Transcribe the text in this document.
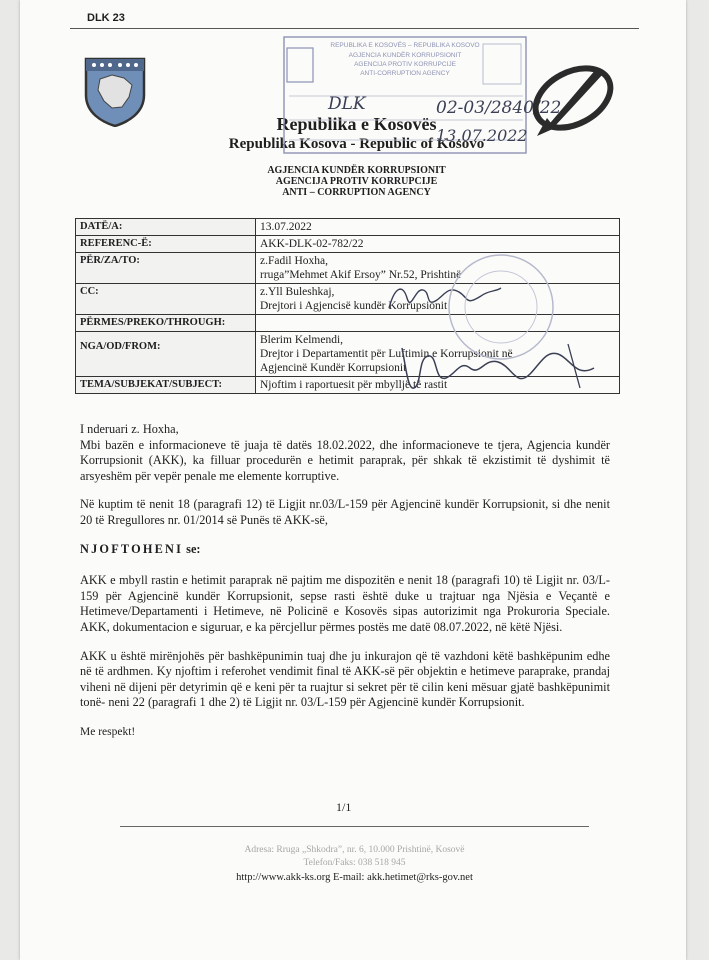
DLK 23
Republika e Kosovës
Republika Kosova - Republic of Kosovo
AGJENCIA KUNDËR KORRUPSIONIT
AGENCIJA PROTIV KORRUPCIJE
ANTI – CORRUPTION AGENCY
REPUBLIKA E KOSOVËS – REPUBLIKA KOSOVO
AGJENCIA KUNDËR KORRUPSIONIT
AGENCIJA PROTIV KORRUPCIJE
ANTI-CORRUPTION AGENCY
DLK	02-03/2840/22
13.07.2022
DATË/A:	13.07.2022
REFERENC-Ë:	AKK-DLK-02-782/22
PËR/ZA/TO:	z.Fadil Hoxha,
rruga”Mehmet Akif Ersoy” Nr.52, Prishtinë

CC:	z.Yll Buleshkaj,
Drejtori i Agjencisë kundër Korrupsionit

PËRMES/PREKO/THROUGH:	
NGA/OD/FROM:	Blerim Kelmendi,
Drejtor i Departamentit për Luftimin e Korrupsionit në
Agjencinë Kundër Korrupsionit

TEMA/SUBJEKAT/SUBJECT:	Njoftim i raportuesit për mbylljë të rastit
I nderuari z. Hoxha,
Mbi bazën e informacioneve të juaja të datës 18.02.2022, dhe informacioneve te tjera, Agjencia kundër Korrupsionit (AKK), ka filluar procedurën e hetimit paraprak, për shkak të ekzistimit të dyshimit të arsyeshëm për vepër penale me elemente korruptive.
Në kuptim të nenit 18 (paragrafi 12) të Ligjit nr.03/L-159 për Agjencinë kundër Korrupsionit, si dhe nenit 20 të Rregullores nr. 01/2014 së Punës të AKK-së,
NJOFTOHENI se:
AKK e mbyll rastin e hetimit paraprak në pajtim me dispozitën e nenit 18 (paragrafi 10) të Ligjit nr. 03/L-159 për Agjencinë kundër Korrupsionit, sepse rasti është duke u trajtuar nga Njësia e Veçantë e Hetimeve/Departamenti i Hetimeve, në Policinë e Kosovës sipas autorizimit nga Prokuroria Speciale. AKK, dokumentacion e siguruar, e ka përcjellur përmes postës me datë 08.07.2022, në këtë Njësi.
AKK u është mirënjohës për bashkëpunimin tuaj dhe ju inkurajon që të vazhdoni këtë bashkëpunim edhe në të ardhmen. Ky njoftim i referohet vendimit final të AKK-së për objektin e hetimeve paraprake, prandaj viheni në dijeni për detyrimin që e keni për ta ruajtur si sekret për të cilin keni mësuar gjatë bashkëpunimit tonë- neni 22 (paragrafi 1 dhe 2) të Ligjit nr. 03/L-159 për Agjencinë kundër Korrupsionit.
Me respekt!
1/1
Adresa: Rruga „Shkodra”, nr. 6, 10.000 Prishtinë, Kosovë
Telefon/Faks: 038 518 945
http://www.akk-ks.org E-mail: akk.hetimet@rks-gov.net
